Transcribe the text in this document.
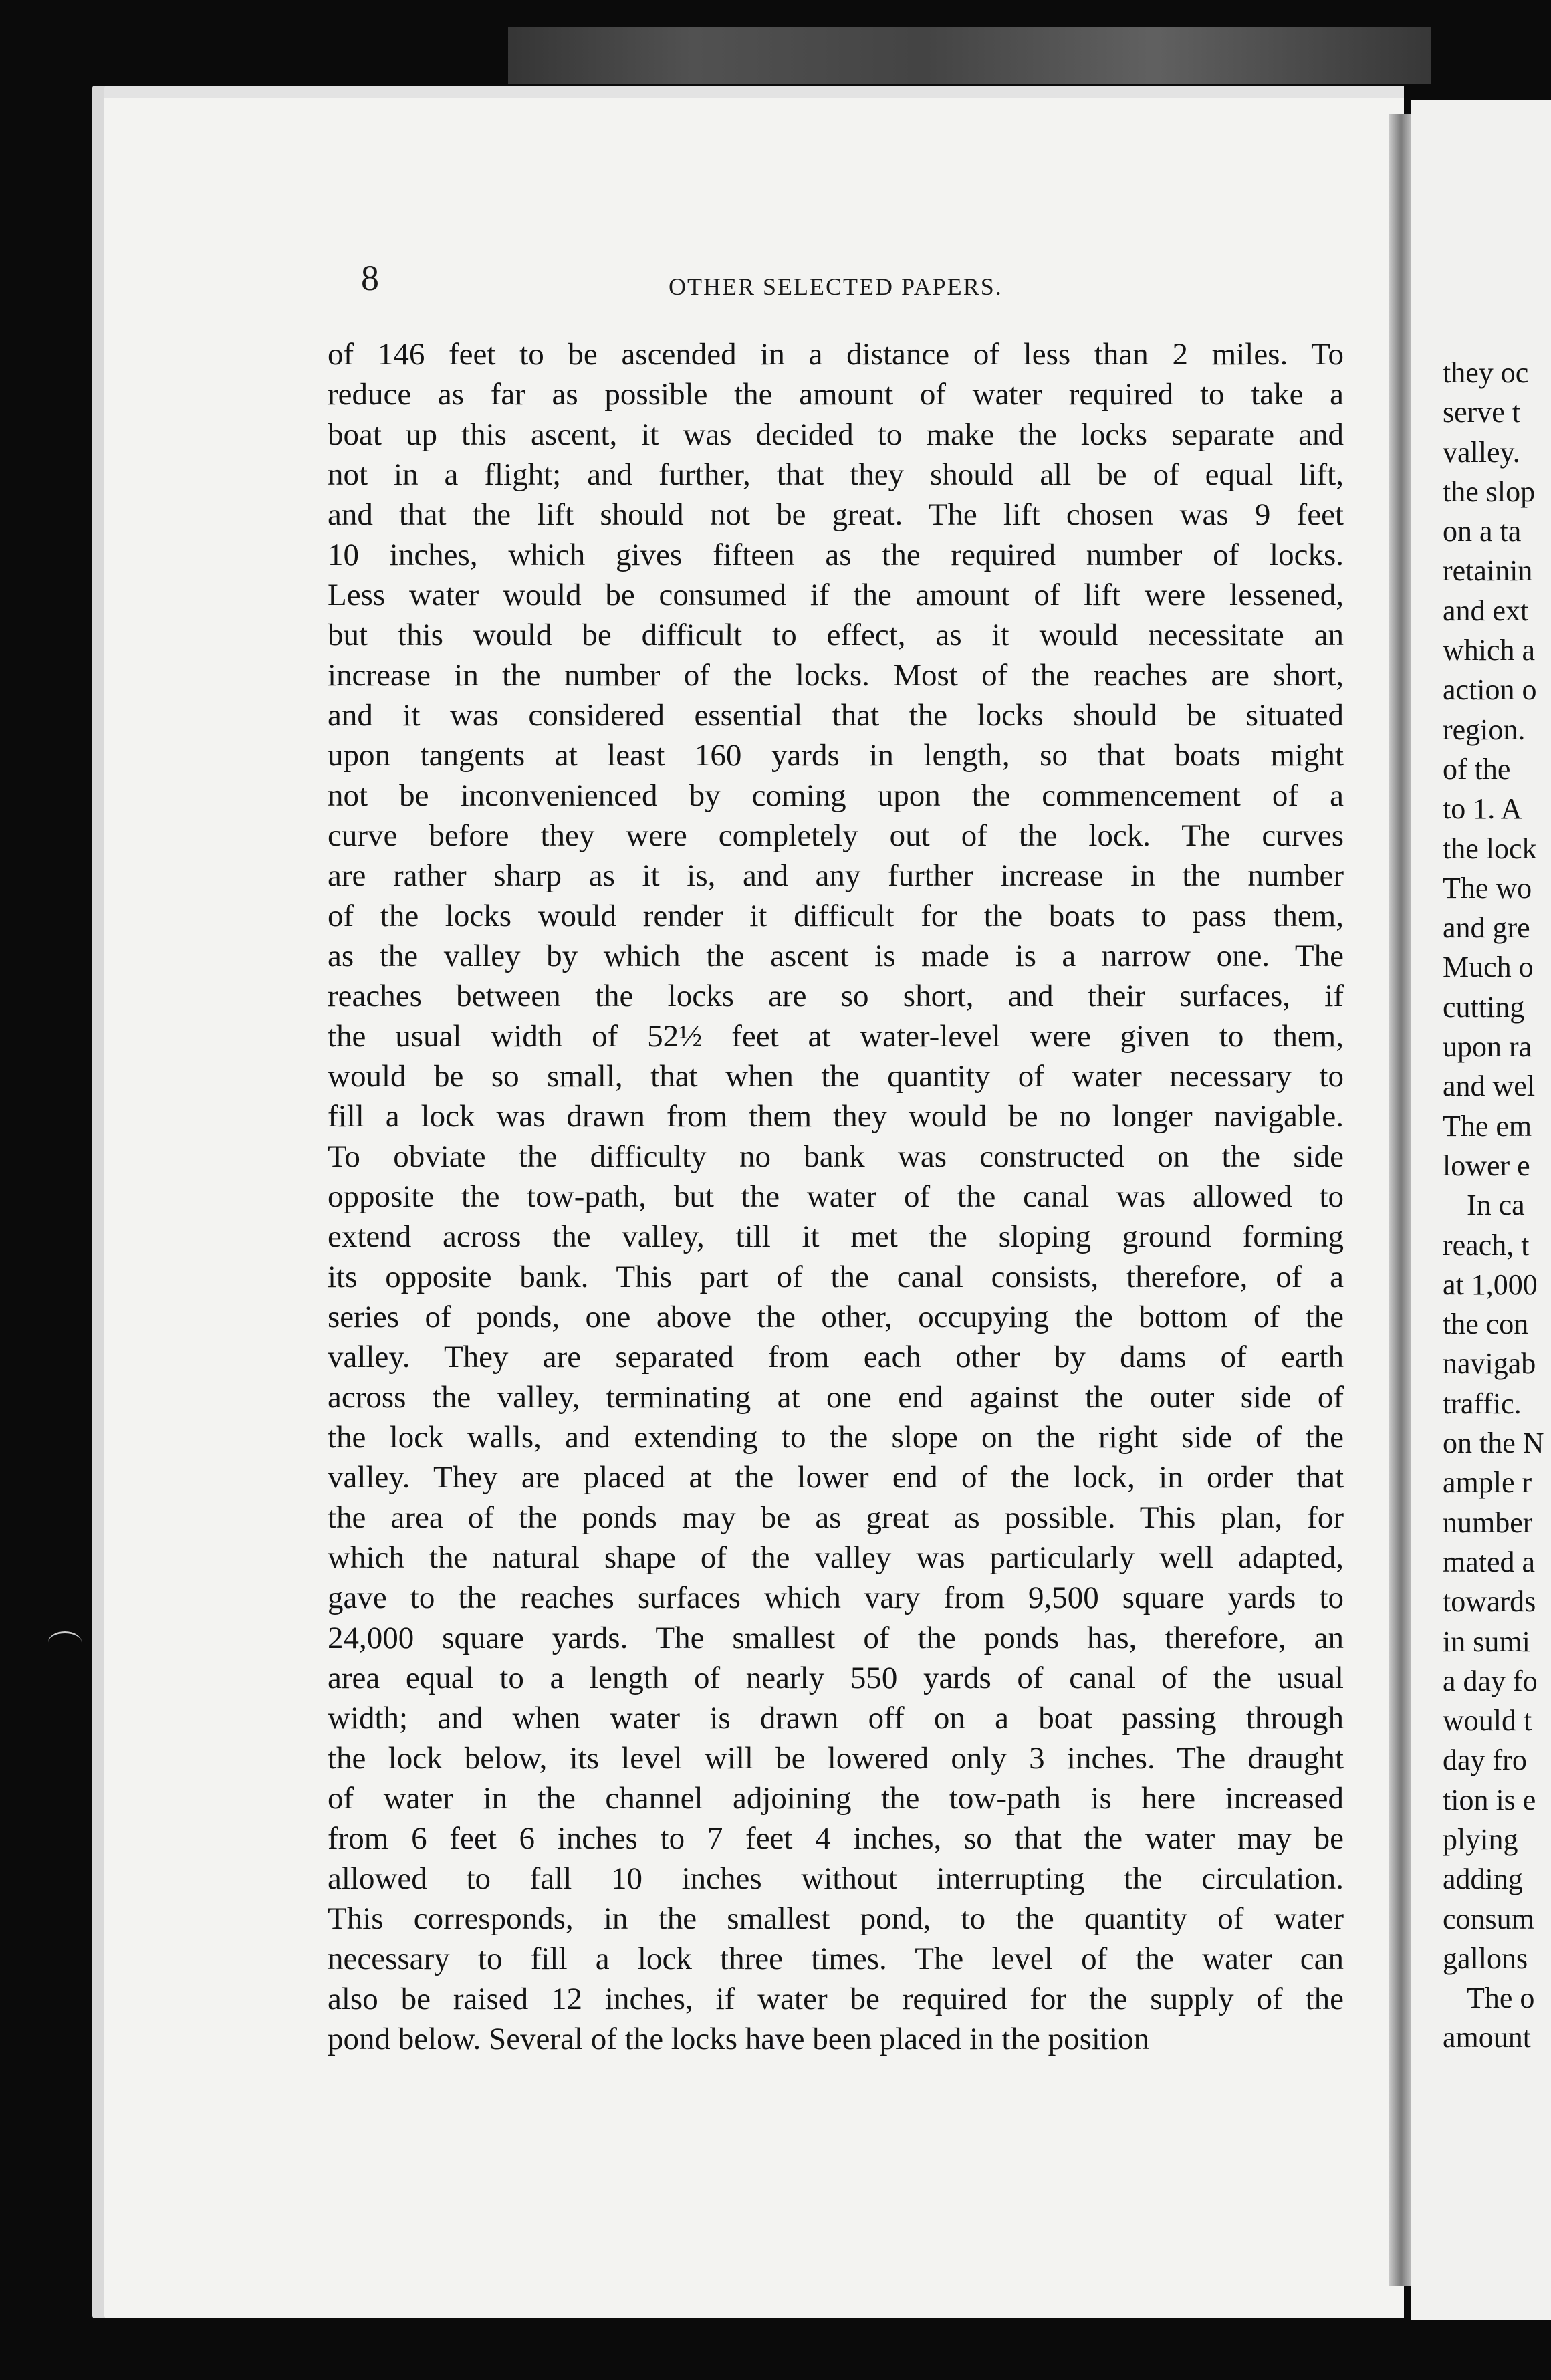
8	OTHER SELECTED PAPERS.

of 146 feet to be ascended in a distance of less than 2 miles. To
reduce as far as possible the amount of water required to take a
boat up this ascent, it was decided to make the locks separate and
not in a flight; and further, that they should all be of equal lift,
and that the lift should not be great. The lift chosen was 9 feet
10 inches, which gives fifteen as the required number of locks.
Less water would be consumed if the amount of lift were lessened,
but this would be difficult to effect, as it would necessitate an
increase in the number of the locks. Most of the reaches are short,
and it was considered essential that the locks should be situated
upon tangents at least 160 yards in length, so that boats might
not be inconvenienced by coming upon the commencement of a
curve before they were completely out of the lock. The curves
are rather sharp as it is, and any further increase in the number
of the locks would render it difficult for the boats to pass them,
as the valley by which the ascent is made is a narrow one. The
reaches between the locks are so short, and their surfaces, if
the usual width of 52½ feet at water-level were given to them,
would be so small, that when the quantity of water necessary to
fill a lock was drawn from them they would be no longer navigable.
To obviate the difficulty no bank was constructed on the side
opposite the tow-path, but the water of the canal was allowed to
extend across the valley, till it met the sloping ground forming
its opposite bank. This part of the canal consists, therefore, of a
series of ponds, one above the other, occupying the bottom of the
valley. They are separated from each other by dams of earth
across the valley, terminating at one end against the outer side of
the lock walls, and extending to the slope on the right side of the
valley. They are placed at the lower end of the lock, in order that
the area of the ponds may be as great as possible. This plan, for
which the natural shape of the valley was particularly well adapted,
gave to the reaches surfaces which vary from 9,500 square yards to
24,000 square yards. The smallest of the ponds has, therefore, an
area equal to a length of nearly 550 yards of canal of the usual
width; and when water is drawn off on a boat passing through
the lock below, its level will be lowered only 3 inches. The draught
of water in the channel adjoining the tow-path is here increased
from 6 feet 6 inches to 7 feet 4 inches, so that the water may be
allowed to fall 10 inches without interrupting the circulation.
This corresponds, in the smallest pond, to the quantity of water
necessary to fill a lock three times. The level of the water can
also be raised 12 inches, if water be required for the supply of the
pond below. Several of the locks have been placed in the position
they oc
serve t
valley.
the slop
on a ta
retainin
and ext
which a
action o
region.
of the
to 1. A
the lock
The wo
and gre
Much o
cutting
upon ra
and wel
The em
lower e
In ca
reach, t
at 1,000
the con
navigab
traffic.
on the N
ample r
number
mated a
towards
in sumi
a day fo
would t
day fro
tion is e
plying
adding
consum
gallons
The o
amount
